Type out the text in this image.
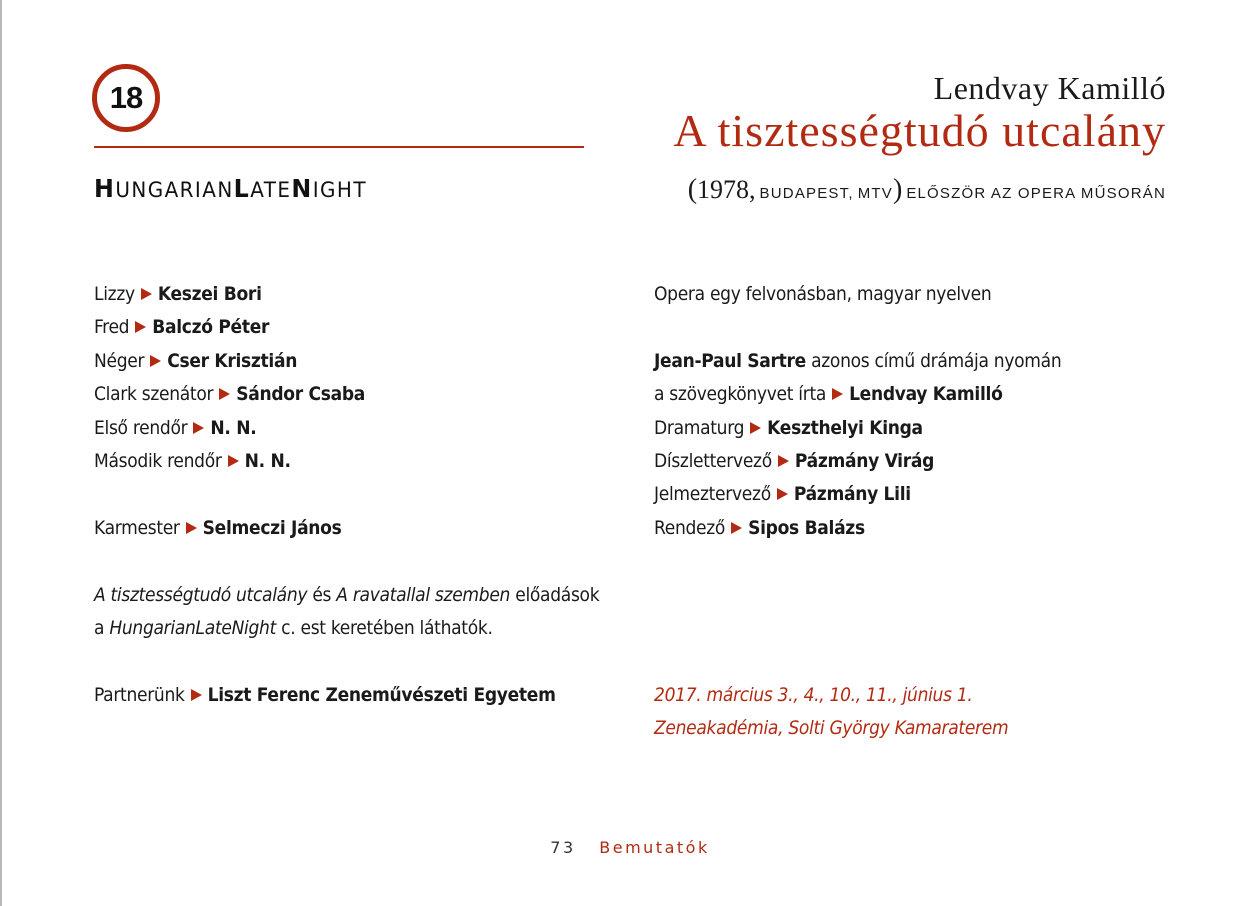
18	Lendvay Kamilló
A tisztességtudó utcalány
HUNGARIANLATENIGHT	(1978, BUDAPEST, MTV) ELŐSZÖR AZ OPERA MŰSORÁN
Lizzy Keszei Bori
Fred Balczó Péter
Néger Cser Krisztián
Clark szenátor Sándor Csaba
Első rendőr N. N.
Második rendőr N. N.
Karmester Selmeczi János
A tisztességtudó utcalány és A ravatallal szemben előadások
a HungarianLateNight c. est keretében láthatók.
Partnerünk Liszt Ferenc Zeneművészeti Egyetem
Opera egy felvonásban, magyar nyelven
Jean-Paul Sartre azonos című drámája nyomán
a szövegkönyvet írta Lendvay Kamilló
Dramaturg Keszthelyi Kinga
Díszlettervező Pázmány Virág
Jelmeztervező Pázmány Lili
Rendező Sipos Balázs
2017. március 3., 4., 10., 11., június 1.
Zeneakadémia, Solti György Kamaraterem
73 Bemutatók
